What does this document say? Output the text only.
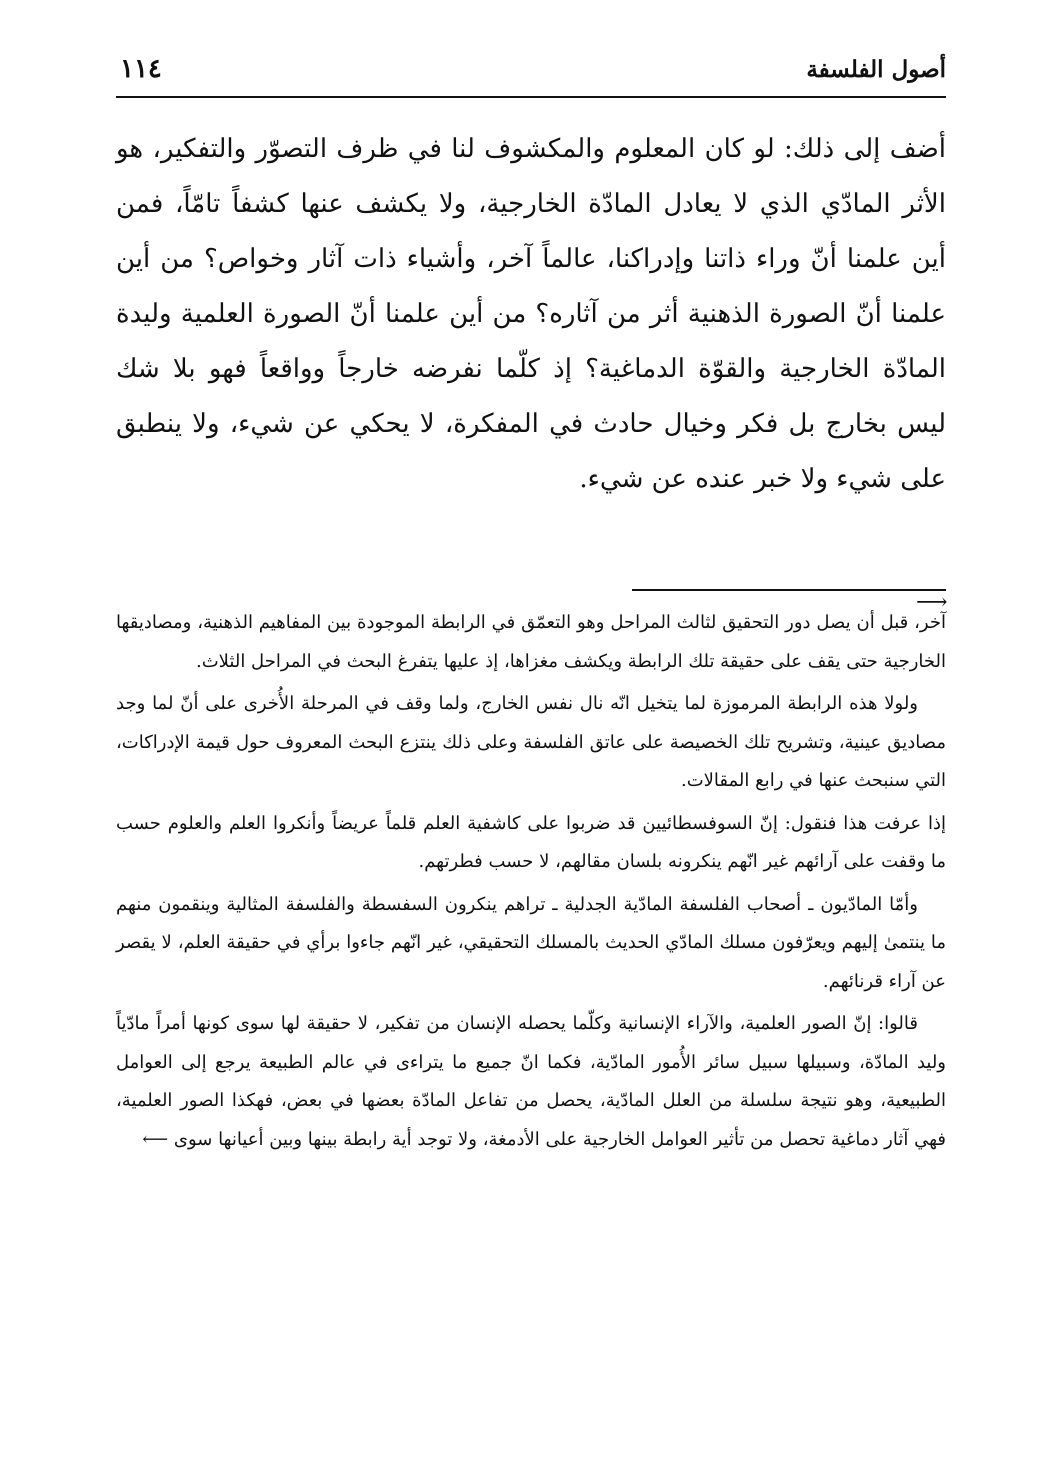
أصول الفلسفة
١١٤

أضف إلى ذلك: لو كان المعلوم والمكشوف لنا في ظرف التصوّر والتفكير، هو الأثر المادّي الذي لا يعادل المادّة الخارجية، ولا يكشف عنها كشفاً تامّاً، فمن أين علمنا أنّ وراء ذاتنا وإدراكنا، عالماً آخر، وأشياء ذات آثار وخواص؟ من أين علمنا أنّ الصورة الذهنية أثر من آثاره؟ من أين علمنا أنّ الصورة العلمية وليدة المادّة الخارجية والقوّة الدماغية؟ إذ كلّما نفرضه خارجاً وواقعاً فهو بلا شك ليس بخارج بل فكر وخيال حادث في المفكرة، لا يحكي عن شيء، ولا ينطبق على شيء ولا خبر عنده عن شيء.

⟶

آخر، قبل أن يصل دور التحقيق لثالث المراحل وهو التعمّق في الرابطة الموجودة بين المفاهيم الذهنية، ومصاديقها الخارجية حتى يقف على حقيقة تلك الرابطة ويكشف مغزاها، إذ عليها يتفرغ البحث في المراحل الثلاث.

ولولا هذه الرابطة المرموزة لما يتخيل انّه نال نفس الخارج، ولما وقف في المرحلة الأُخرى على أنّ لما وجد مصاديق عينية، وتشريح تلك الخصيصة على عاتق الفلسفة وعلى ذلك ينتزع البحث المعروف حول قيمة الإدراكات، التي سنبحث عنها في رابع المقالات.

إذا عرفت هذا فنقول: إنّ السوفسطائيين قد ضربوا على كاشفية العلم قلماً عريضاً وأنكروا العلم والعلوم حسب ما وقفت على آرائهم غير انّهم ينكرونه بلسان مقالهم، لا حسب فطرتهم.

وأمّا المادّيون ـ أصحاب الفلسفة المادّية الجدلية ـ تراهم ينكرون السفسطة والفلسفة المثالية وينقمون منهم ما ينتمىٰ إليهم ويعرّفون مسلك المادّي الحديث بالمسلك التحقيقي، غير انّهم جاءوا برأي في حقيقة العلم، لا يقصر عن آراء قرنائهم.

قالوا: إنّ الصور العلمية، والآراء الإنسانية وكلّما يحصله الإنسان من تفكير، لا حقيقة لها سوى كونها أمراً مادّياً وليد المادّة، وسبيلها سبيل سائر الأُمور المادّية، فكما انّ جميع ما يتراءى في عالم الطبيعة يرجع إلى العوامل الطبيعية، وهو نتيجة سلسلة من العلل المادّية، يحصل من تفاعل المادّة بعضها في بعض، فهكذا الصور العلمية، فهي آثار دماغية تحصل من تأثير العوامل الخارجية على الأدمغة، ولا توجد أية رابطة بينها وبين أعيانها سوى ⟵
